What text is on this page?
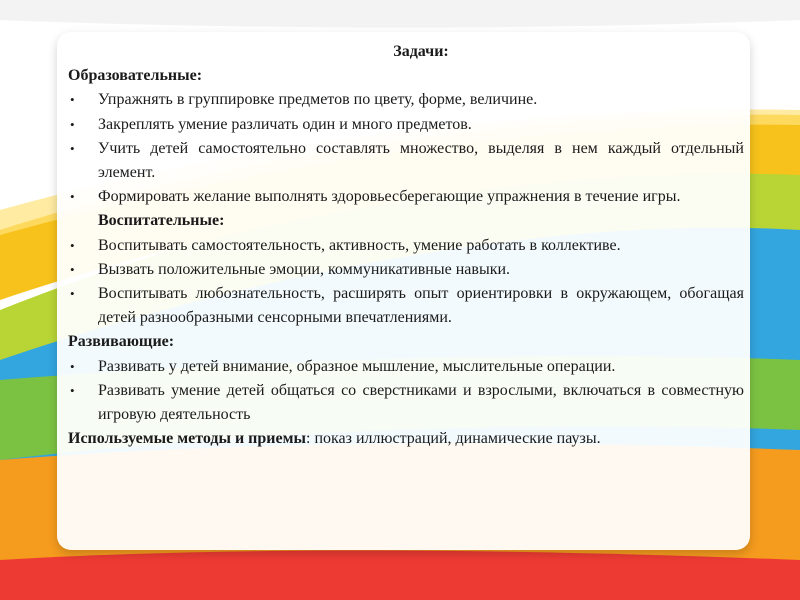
Задачи:
Образовательные:
• Упражнять в группировке предметов по цвету, форме, величине.
• Закреплять умение различать один и много предметов.
• Учить детей самостоятельно составлять множество, выделяя в нем каждый отдельный элемент.
• Формировать желание выполнять здоровьесберегающие упражнения в течение игры.
Воспитательные:
• Воспитывать самостоятельность, активность, умение работать в коллективе.
• Вызвать положительные эмоции, коммуникативные навыки.
• Воспитывать любознательность, расширять опыт ориентировки в окружающем, обогащая детей разнообразными сенсорными впечатлениями.
Развивающие:
• Развивать у детей внимание, образное мышление, мыслительные операции.
• Развивать умение детей общаться со сверстниками и взрослыми, включаться в совместную игровую деятельность
Используемые методы и приемы: показ иллюстраций, динамические паузы.
